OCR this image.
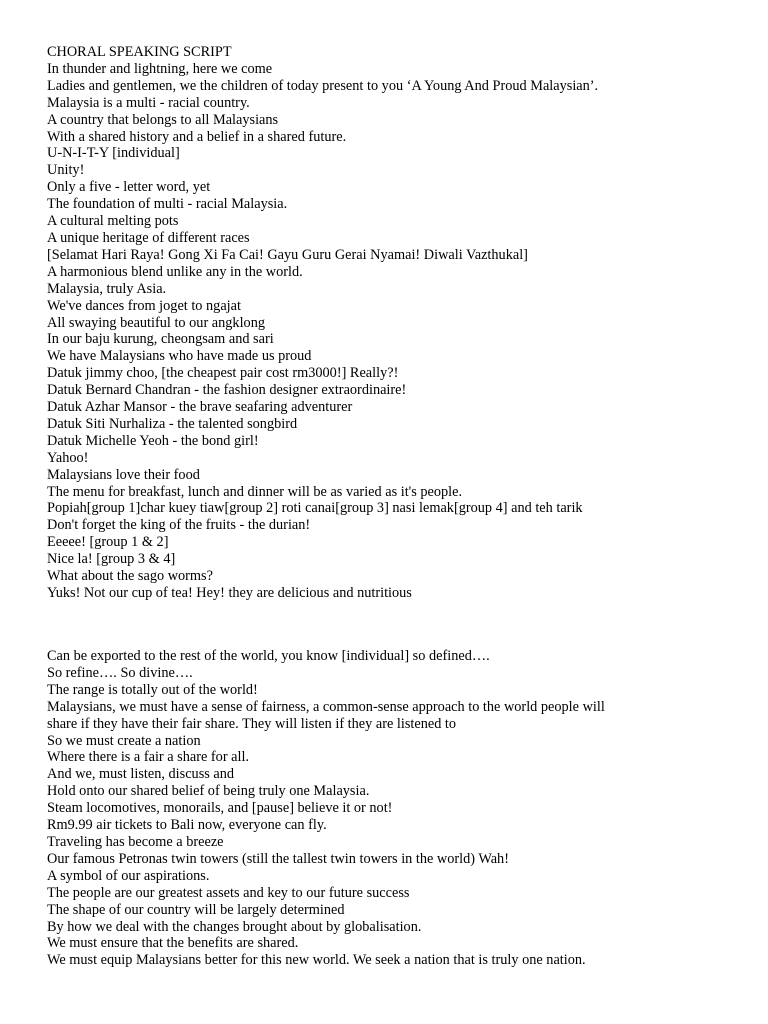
CHORAL SPEAKING SCRIPT

In thunder and lightning, here we come

Ladies and gentlemen, we the children of today present to you ‘A Young And Proud Malaysian’.

Malaysia is a multi - racial country.

A country that belongs to all Malaysians

With a shared history and a belief in a shared future.

U-N-I-T-Y [individual]

Unity!

Only a five - letter word, yet

The foundation of multi - racial Malaysia.

A cultural melting pots

A unique heritage of different races

[Selamat Hari Raya! Gong Xi Fa Cai! Gayu Guru Gerai Nyamai! Diwali Vazthukal]

A harmonious blend unlike any in the world.

Malaysia, truly Asia.

We've dances from joget to ngajat

All swaying beautiful to our angklong

In our baju kurung, cheongsam and sari

We have Malaysians who have made us proud

Datuk jimmy choo, [the cheapest pair cost rm3000!] Really?!

Datuk Bernard Chandran - the fashion designer extraordinaire!

Datuk Azhar Mansor - the brave seafaring adventurer

Datuk Siti Nurhaliza - the talented songbird

Datuk Michelle Yeoh - the bond girl!

Yahoo!

Malaysians love their food

The menu for breakfast, lunch and dinner will be as varied as it's people.

Popiah[group 1]char kuey tiaw[group 2] roti canai[group 3] nasi lemak[group 4] and teh tarik

Don't forget the king of the fruits - the durian!

Eeeee! [group 1 & 2]

Nice la! [group 3 & 4]

What about the sago worms?

Yuks! Not our cup of tea! Hey! they are delicious and nutritious

Can be exported to the rest of the world, you know [individual] so defined….

So refine…. So divine….

The range is totally out of the world!

Malaysians, we must have a sense of fairness, a common-sense approach to the world people will

share if they have their fair share. They will listen if they are listened to

So we must create a nation

Where there is a fair a share for all.

And we, must listen, discuss and

Hold onto our shared belief of being truly one Malaysia.

Steam locomotives, monorails, and [pause] believe it or not!

Rm9.99 air tickets to Bali now, everyone can fly.

Traveling has become a breeze

Our famous Petronas twin towers (still the tallest twin towers in the world) Wah!

A symbol of our aspirations.

The people are our greatest assets and key to our future success

The shape of our country will be largely determined

By how we deal with the changes brought about by globalisation.

We must ensure that the benefits are shared.

We must equip Malaysians better for this new world. We seek a nation that is truly one nation.
